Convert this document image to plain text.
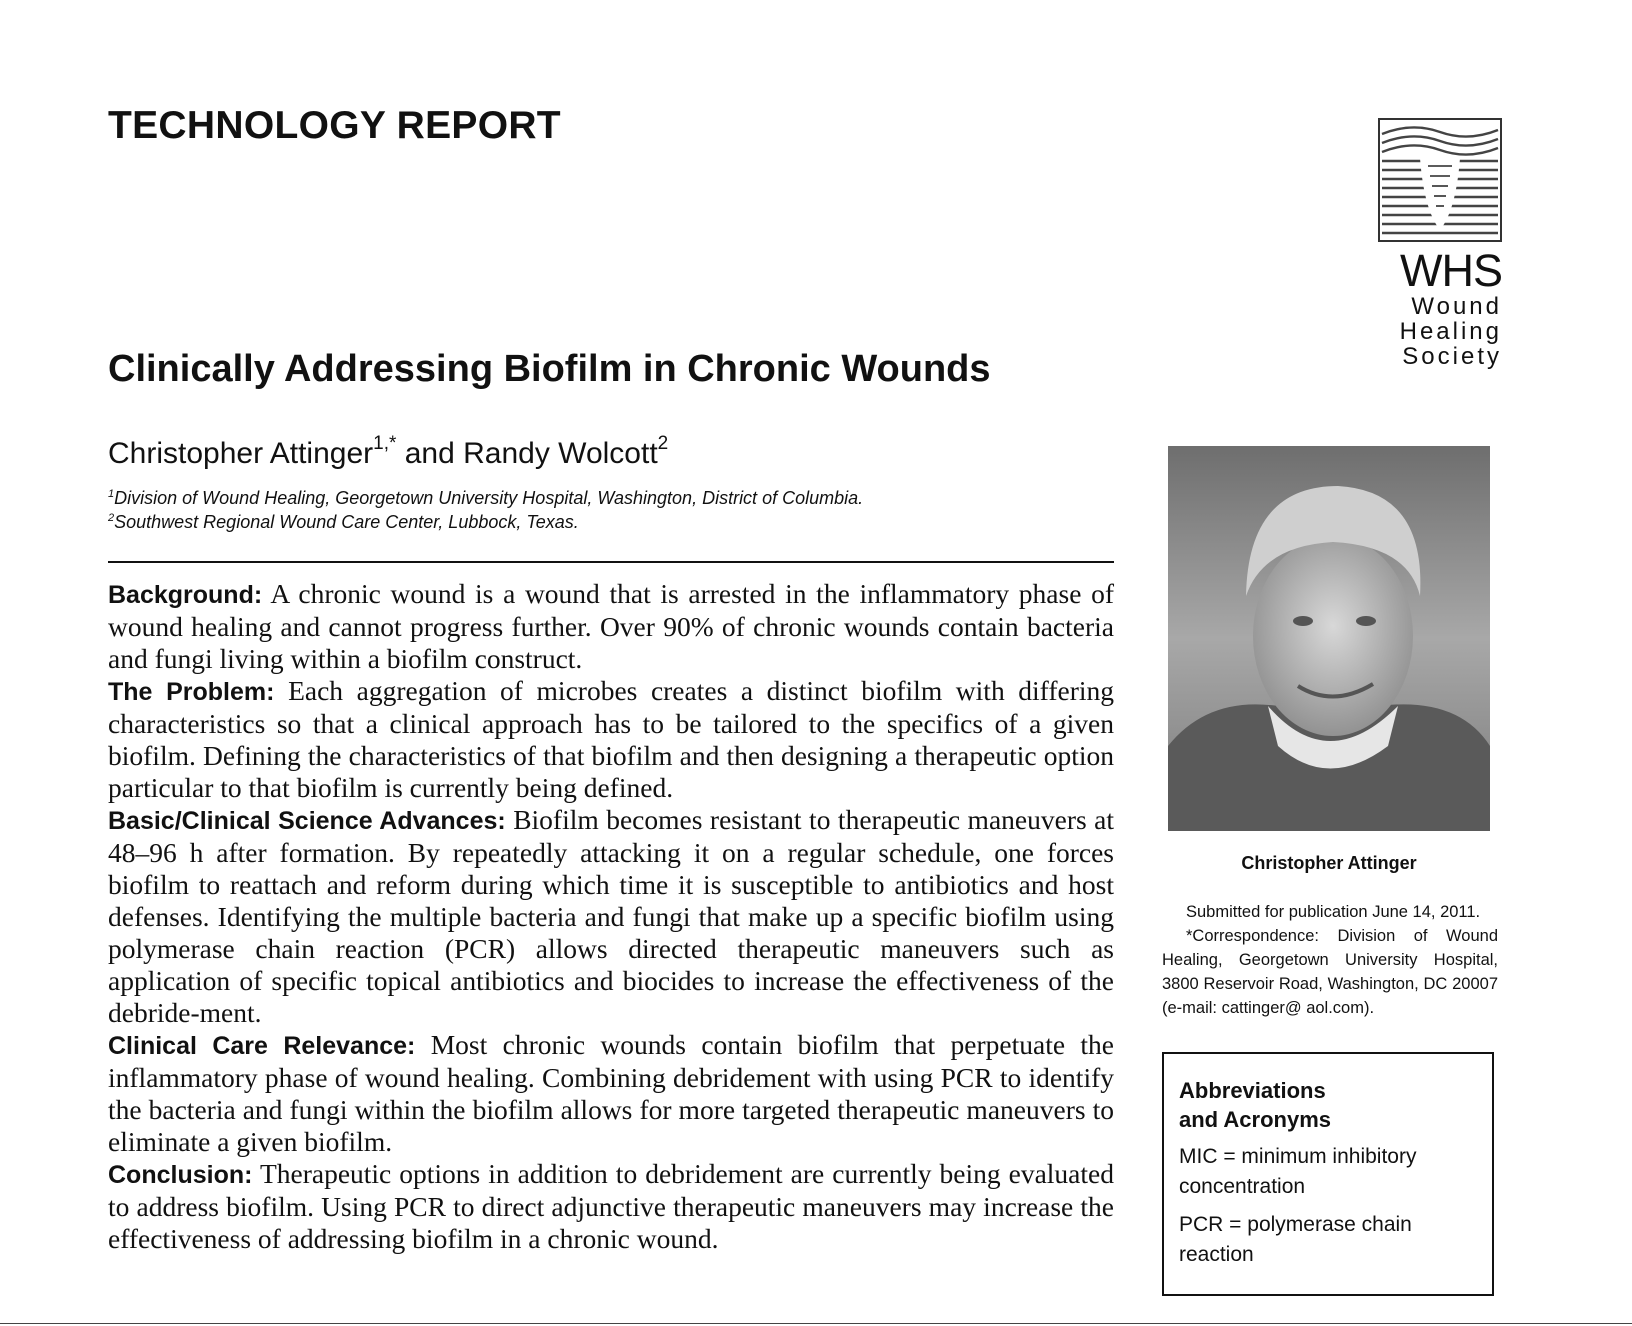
TECHNOLOGY REPORT
WHS
Wound
Healing
Society
Clinically Addressing Biofilm in Chronic Wounds
Christopher Attinger$^{1,*}$ and Randy Wolcott$^2$
$^1$Division of Wound Healing, Georgetown University Hospital, Washington, District of Columbia.
$^2$Southwest Regional Wound Care Center, Lubbock, Texas.

Background: A chronic wound is a wound that is arrested in the inflammatory phase of wound healing and cannot progress further. Over 90% of chronic wounds contain bacteria and fungi living within a biofilm construct.

The Problem: Each aggregation of microbes creates a distinct biofilm with differing characteristics so that a clinical approach has to be tailored to the specifics of a given biofilm. Defining the characteristics of that biofilm and then designing a therapeutic option particular to that biofilm is currently being defined.

Basic/Clinical Science Advances: Biofilm becomes resistant to therapeutic maneuvers at 48–96 h after formation. By repeatedly attacking it on a regular schedule, one forces biofilm to reattach and reform during which time it is susceptible to antibiotics and host defenses. Identifying the multiple bacteria and fungi that make up a specific biofilm using polymerase chain reaction (PCR) allows directed therapeutic maneuvers such as application of specific topical antibiotics and biocides to increase the effectiveness of the debride-ment.

Clinical Care Relevance: Most chronic wounds contain biofilm that perpetuate the inflammatory phase of wound healing. Combining debridement with using PCR to identify the bacteria and fungi within the biofilm allows for more targeted therapeutic maneuvers to eliminate a given biofilm.

Conclusion: Therapeutic options in addition to debridement are currently being evaluated to address biofilm. Using PCR to direct adjunctive therapeutic maneuvers may increase the effectiveness of addressing biofilm in a chronic wound.

Christopher Attinger

Submitted for publication June 14, 2011.

*Correspondence: Division of Wound Healing, Georgetown University Hospital, 3800 Reservoir Road, Washington, DC 20007 (e-mail: cattinger@ aol.com).

Abbreviations
and Acronyms

MIC = minimum inhibitory concentration

PCR = polymerase chain reaction
